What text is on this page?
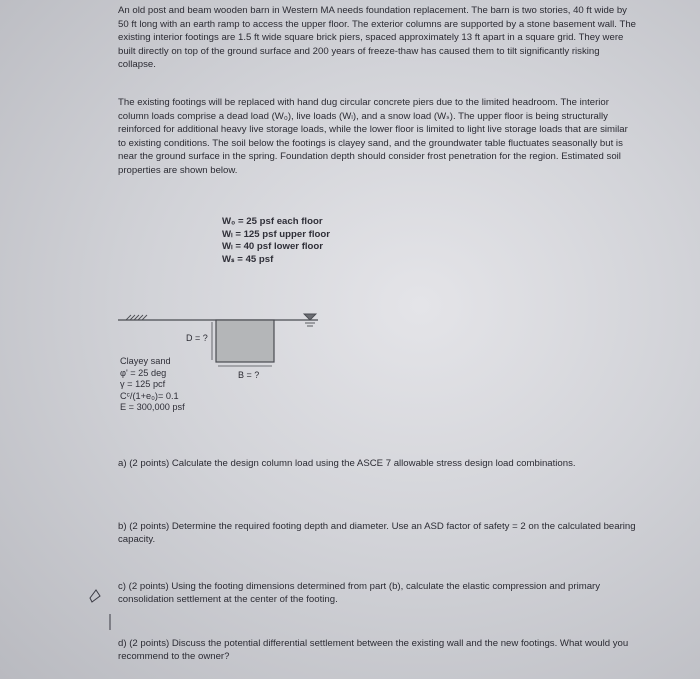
An old post and beam wooden barn in Western MA needs foundation replacement. The barn is two stories, 40 ft wide by 50 ft long with an earth ramp to access the upper floor. The exterior columns are supported by a stone basement wall. The existing interior footings are 1.5 ft wide square brick piers, spaced approximately 13 ft apart in a square grid. They were built directly on top of the ground surface and 200 years of freeze-thaw has caused them to tilt significantly risking collapse.

The existing footings will be replaced with hand dug circular concrete piers due to the limited headroom. The interior column loads comprise a dead load (W₀), live loads (Wₗ), and a snow load (Wₛ). The upper floor is being structurally reinforced for additional heavy live storage loads, while the lower floor is limited to light live storage loads that are similar to existing conditions. The soil below the footings is clayey sand, and the groundwater table fluctuates seasonally but is near the ground surface in the spring. Foundation depth should consider frost penetration for the region. Estimated soil properties are shown below.

W₀ = 25 psf each floor
Wₗ = 125 psf upper floor
Wₗ = 40 psf lower floor
Wₛ = 45 psf
D = ?
B = ?
Clayey sand
φ' = 25 deg
γ = 125 pcf
Cᶜ/(1+e₀)= 0.1
E = 300,000 psf

a) (2 points) Calculate the design column load using the ASCE 7 allowable stress design load combinations.

b) (2 points) Determine the required footing depth and diameter. Use an ASD factor of safety = 2 on the calculated bearing capacity.

c) (2 points) Using the footing dimensions determined from part (b), calculate the elastic compression and primary consolidation settlement at the center of the footing.

d) (2 points) Discuss the potential differential settlement between the existing wall and the new footings. What would you recommend to the owner?
